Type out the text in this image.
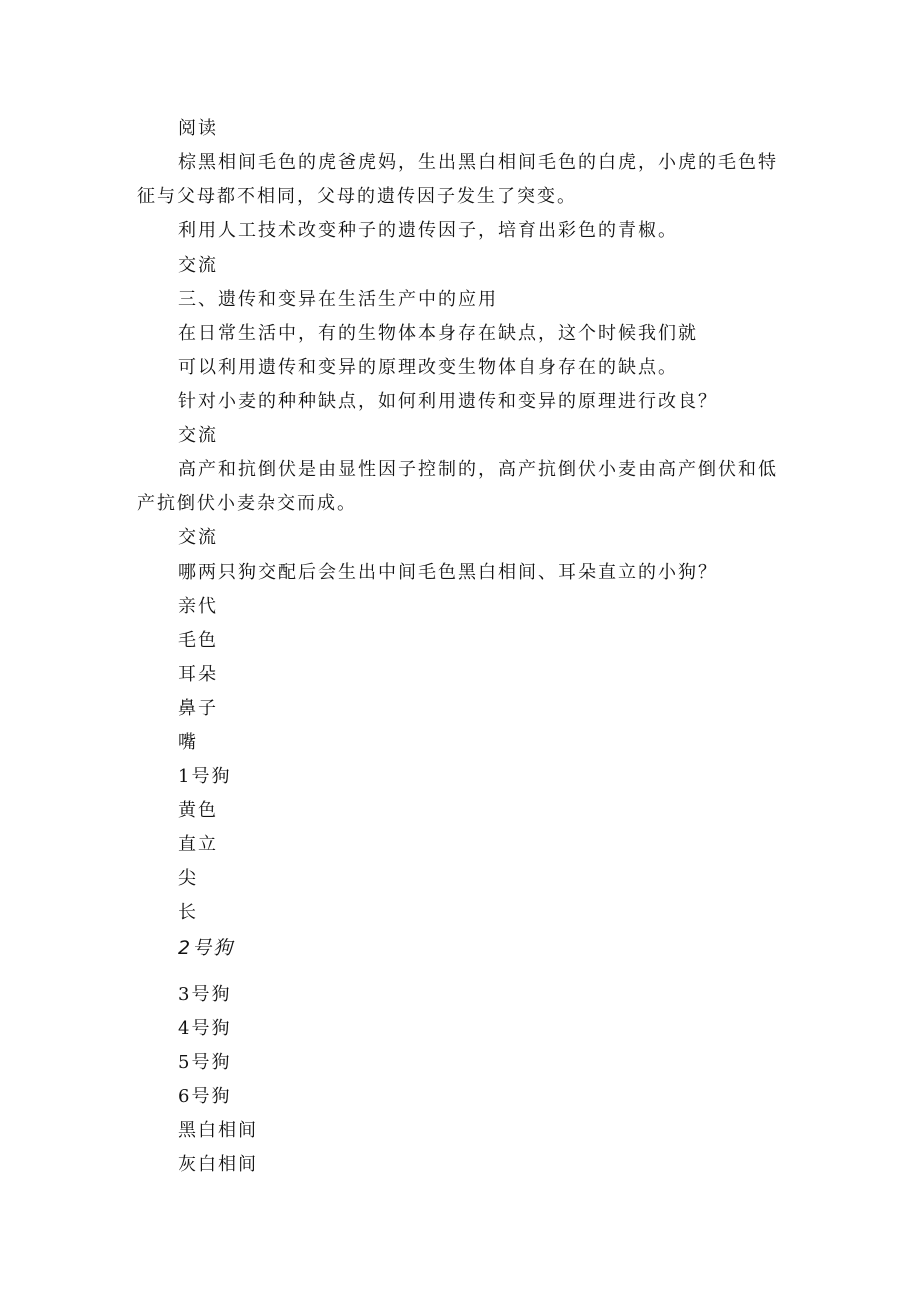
阅读
棕黑相间毛色的虎爸虎妈，生出黑白相间毛色的白虎，小虎的毛色特
征与父母都不相同，父母的遗传因子发生了突变。
利用人工技术改变种子的遗传因子，培育出彩色的青椒。
交流
三、遗传和变异在生活生产中的应用
在日常生活中，有的生物体本身存在缺点，这个时候我们就
可以利用遗传和变异的原理改变生物体自身存在的缺点。
针对小麦的种种缺点，如何利用遗传和变异的原理进行改良？
交流
高产和抗倒伏是由显性因子控制的，高产抗倒伏小麦由高产倒伏和低
产抗倒伏小麦杂交而成。
交流
哪两只狗交配后会生出中间毛色黑白相间、耳朵直立的小狗？
亲代
毛色
耳朵
鼻子
嘴
1号狗
黄色
直立
尖
长
2号狗
3号狗
4号狗
5号狗
6号狗
黑白相间
灰白相间
